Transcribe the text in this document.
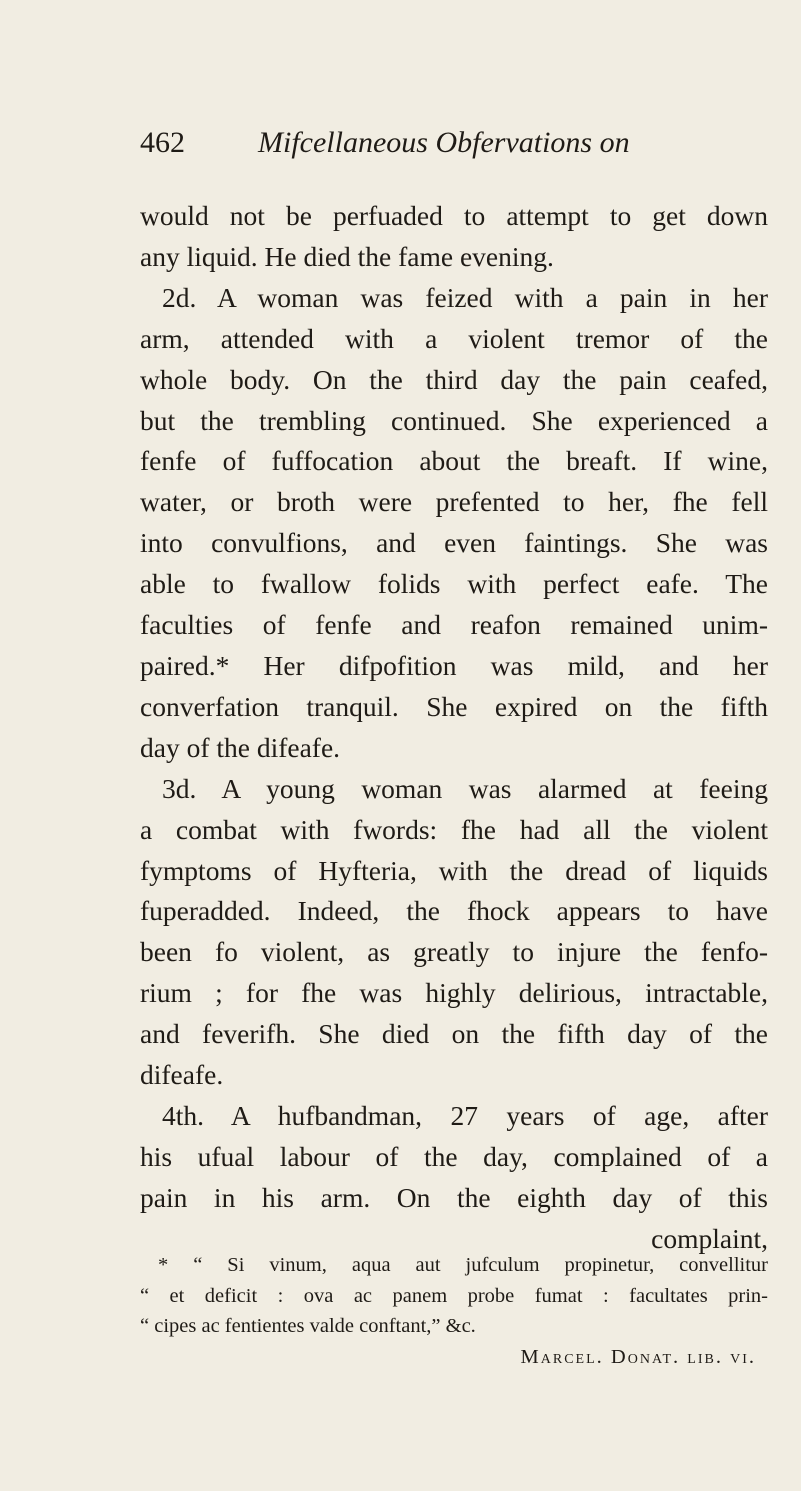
462 Mifcellaneous Obfervations on
would not be perfuaded to attempt to get down
any liquid. He died the fame evening.
2d. A woman was feized with a pain in her
arm, attended with a violent tremor of the
whole body. On the third day the pain ceafed,
but the trembling continued. She experienced a
fenfe of fuffocation about the breaft. If wine,
water, or broth were prefented to her, fhe fell
into convulfions, and even faintings. She was
able to fwallow folids with perfect eafe. The
faculties of fenfe and reafon remained unim-
paired.* Her difpofition was mild, and her
converfation tranquil. She expired on the fifth
day of the difeafe.
3d. A young woman was alarmed at feeing
a combat with fwords: fhe had all the violent
fymptoms of Hyfteria, with the dread of liquids
fuperadded. Indeed, the fhock appears to have
been fo violent, as greatly to injure the fenfo-
rium ; for fhe was highly delirious, intractable,
and feverifh. She died on the fifth day of the
difeafe.
4th. A hufbandman, 27 years of age, after
his ufual labour of the day, complained of a
pain in his arm. On the eighth day of this
complaint,
* “ Si vinum, aqua aut jufculum propinetur, convellitur
“ et deficit : ova ac panem probe fumat : facultates prin-
“ cipes ac fentientes valde conftant,” &c.
Marcel. Donat. lib. vi.
